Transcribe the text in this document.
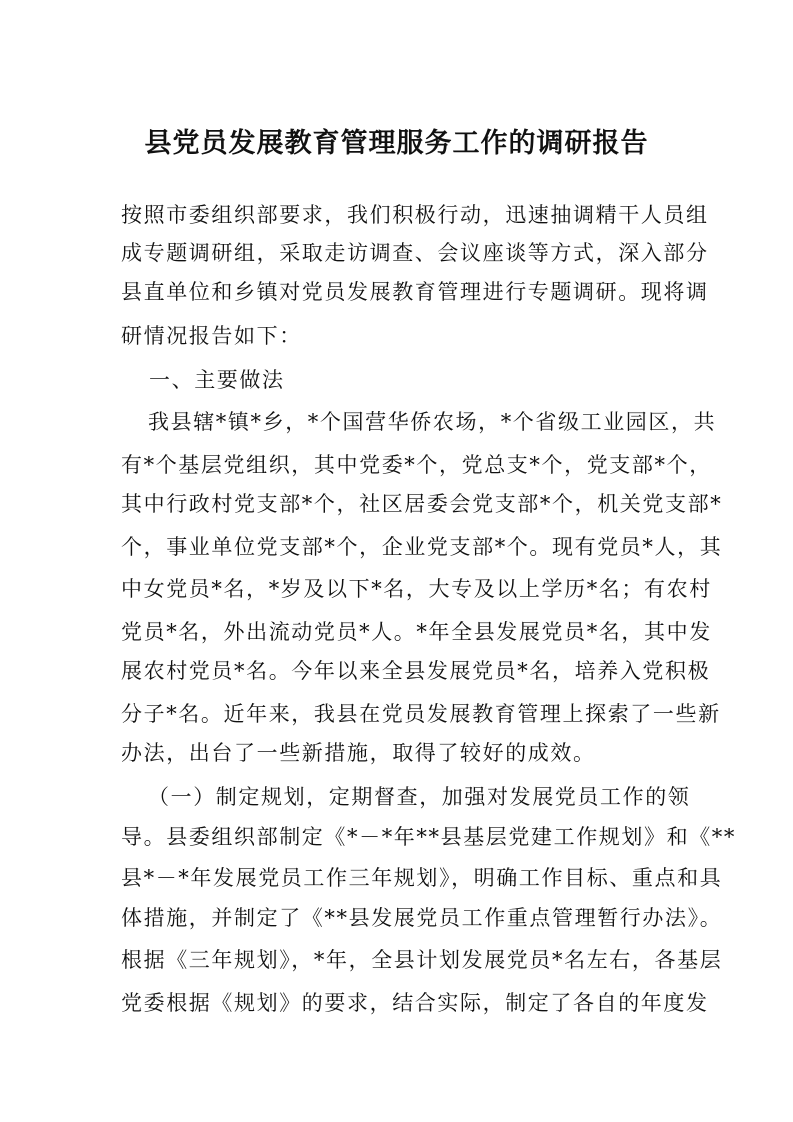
县党员发展教育管理服务工作的调研报告

按照市委组织部要求，我们积极行动，迅速抽调精干人员组

成专题调研组，采取走访调查、会议座谈等方式，深入部分

县直单位和乡镇对党员发展教育管理进行专题调研。现将调

研情况报告如下：

一、主要做法

我县辖*镇*乡，*个国营华侨农场，*个省级工业园区，共

有*个基层党组织，其中党委*个，党总支*个，党支部*个，

其中行政村党支部*个，社区居委会党支部*个，机关党支部*

个，事业单位党支部*个，企业党支部*个。现有党员*人，其

中女党员*名，*岁及以下*名，大专及以上学历*名；有农村

党员*名，外出流动党员*人。*年全县发展党员*名，其中发

展农村党员*名。今年以来全县发展党员*名，培养入党积极

分子*名。近年来，我县在党员发展教育管理上探索了一些新

办法，出台了一些新措施，取得了较好的成效。

（一）制定规划，定期督查，加强对发展党员工作的领

导。县委组织部制定《*－*年**县基层党建工作规划》和《**

县*－*年发展党员工作三年规划》，明确工作目标、重点和具

体措施，并制定了《**县发展党员工作重点管理暂行办法》。

根据《三年规划》，*年，全县计划发展党员*名左右，各基层

党委根据《规划》的要求，结合实际，制定了各自的年度发
